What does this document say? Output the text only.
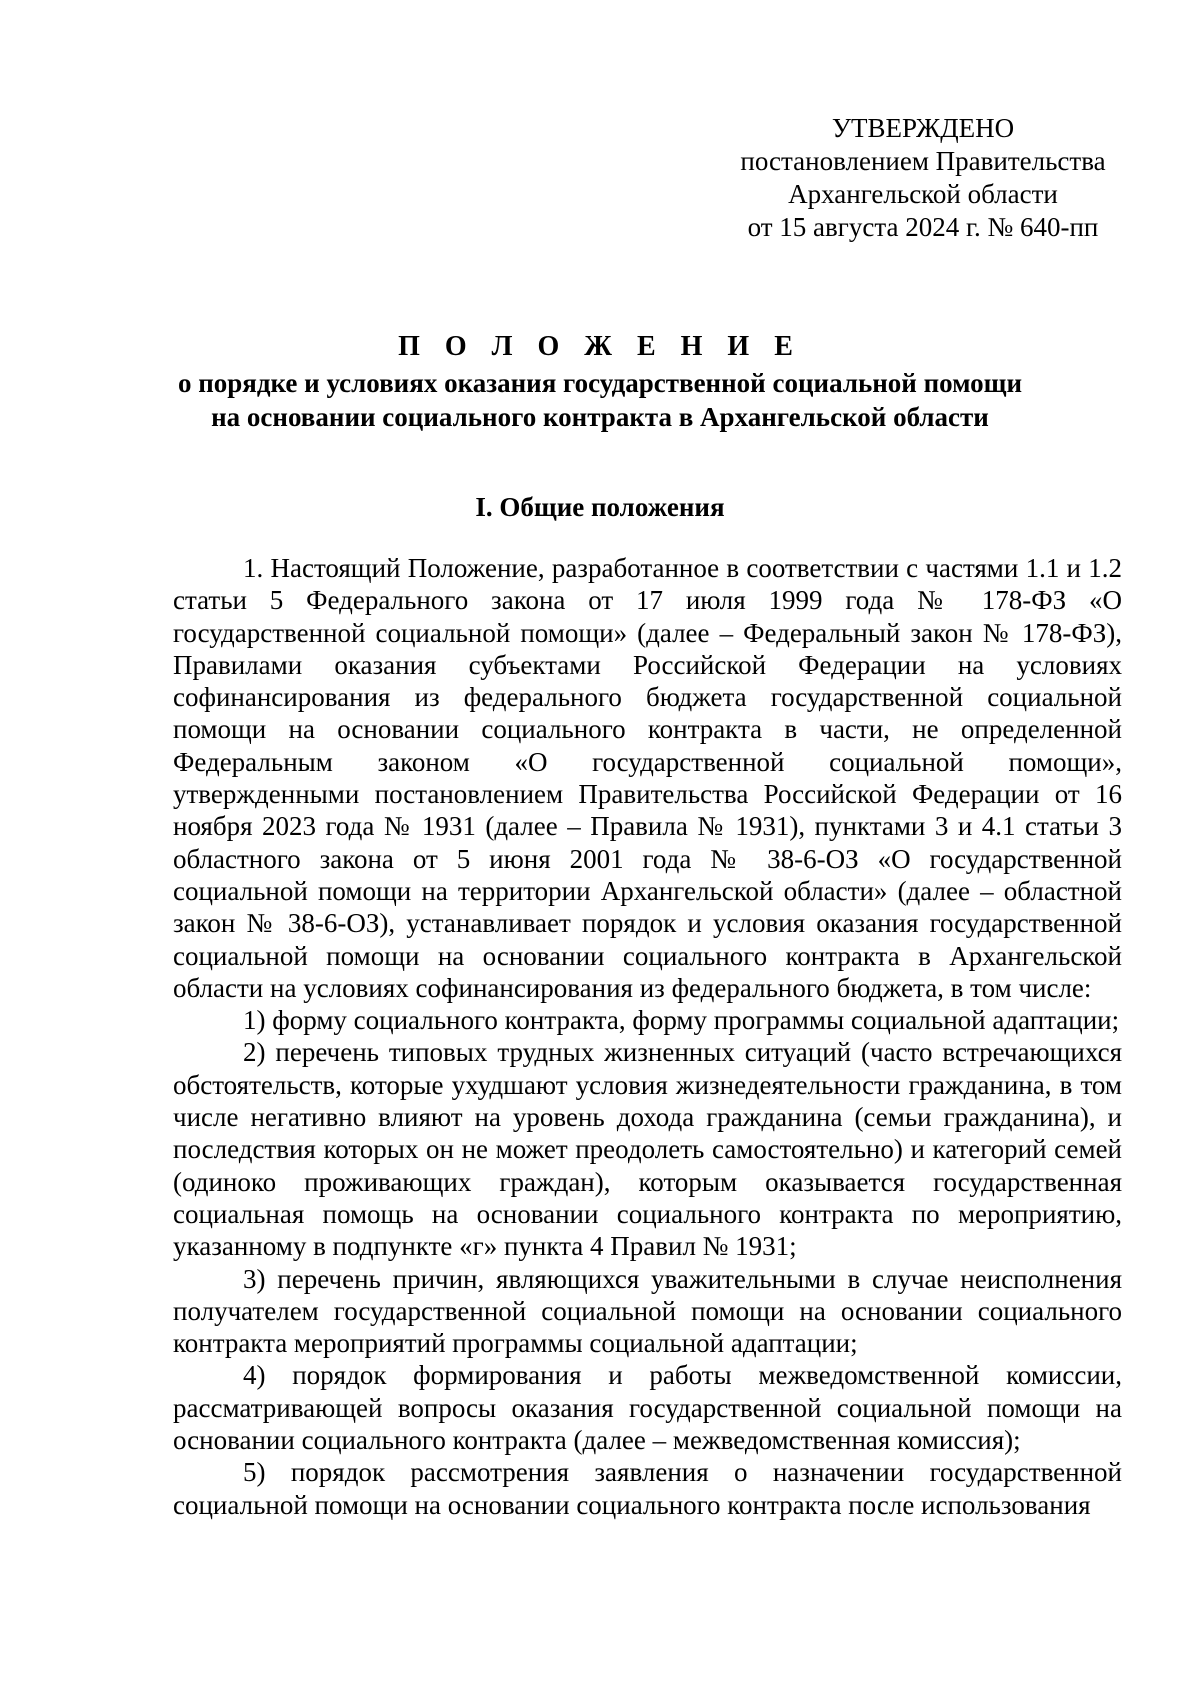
УТВЕРЖДЕНО
постановлением Правительства
Архангельской области
от 15 августа 2024 г. № 640-пп
П О Л О Ж Е Н И Е
о порядке и условиях оказания государственной социальной помощи
на основании социального контракта в Архангельской области
I. Общие положения

1. Настоящий Положение, разработанное в соответствии с частями 1.1 и 1.2 статьи 5 Федерального закона от 17 июля 1999 года № 178-ФЗ «О государственной социальной помощи» (далее – Федеральный закон № 178-ФЗ), Правилами оказания субъектами Российской Федерации на условиях софинансирования из федерального бюджета государственной социальной помощи на основании социального контракта в части, не определенной Федеральным законом «О государственной социальной помощи», утвержденными постановлением Правительства Российской Федерации от 16 ноября 2023 года № 1931 (далее – Правила № 1931), пунктами 3 и 4.1 статьи 3 областного закона от 5 июня 2001 года № 38-6-ОЗ «О государственной социальной помощи на территории Архангельской области» (далее – областной закон № 38-6-ОЗ), устанавливает порядок и условия оказания государственной социальной помощи на основании социального контракта в Архангельской области на условиях софинансирования из федерального бюджета, в том числе:

1) форму социального контракта, форму программы социальной адаптации;

2) перечень типовых трудных жизненных ситуаций (часто встречающихся обстоятельств, которые ухудшают условия жизнедеятельности гражданина, в том числе негативно влияют на уровень дохода гражданина (семьи гражданина), и последствия которых он не может преодолеть самостоятельно) и категорий семей (одиноко проживающих граждан), которым оказывается государственная социальная помощь на основании социального контракта по мероприятию, указанному в подпункте «г» пункта 4 Правил № 1931;

3) перечень причин, являющихся уважительными в случае неисполнения получателем государственной социальной помощи на основании социального контракта мероприятий программы социальной адаптации;

4) порядок формирования и работы межведомственной комиссии, рассматривающей вопросы оказания государственной социальной помощи на основании социального контракта (далее – межведомственная комиссия);

5) порядок рассмотрения заявления о назначении государственной социальной помощи на основании социального контракта после использования
